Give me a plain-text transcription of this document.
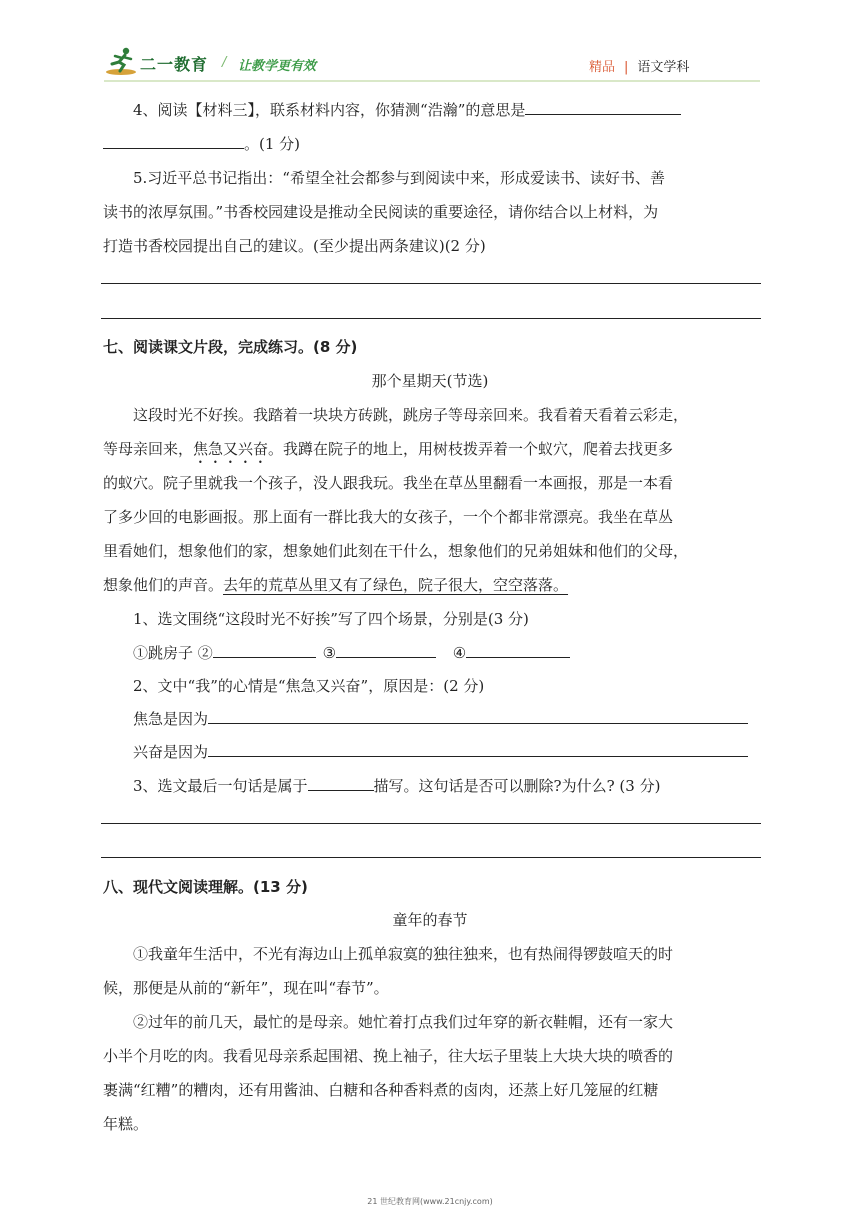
二一教育 / 让教学更有效	精品 | 语文学科
4、阅读【材料三】，联系材料内容，你猜测“浩瀚”的意思是
。(1 分)
5.习近平总书记指出：“希望全社会都参与到阅读中来，形成爱读书、读好书、善
读书的浓厚氛围。”书香校园建设是推动全民阅读的重要途径，请你结合以上材料，为
打造书香校园提出自己的建议。(至少提出两条建议)(2 分)
七、阅读课文片段，完成练习。(8 分)
那个星期天(节选)
这段时光不好挨。我踏着一块块方砖跳，跳房子等母亲回来。我看着天看着云彩走，
等母亲回来，焦急又兴奋。我蹲在院子的地上，用树枝拨弄着一个蚁穴，爬着去找更多
的蚁穴。院子里就我一个孩子，没人跟我玩。我坐在草丛里翻看一本画报，那是一本看
了多少回的电影画报。那上面有一群比我大的女孩子，一个个都非常漂亮。我坐在草丛
里看她们，想象他们的家，想象她们此刻在干什么，想象他们的兄弟姐妹和他们的父母，
想象他们的声音。去年的荒草丛里又有了绿色，院子很大，空空落落。
1、选文围绕“这段时光不好挨”写了四个场景，分别是(3 分)
①跳房子 ②	③	④
2、文中“我”的心情是“焦急又兴奋”，原因是：(2 分)
焦急是因为
兴奋是因为
3、选文最后一句话是属于	描写。这句话是否可以删除?为什么? (3 分)
八、现代文阅读理解。(13 分)
童年的春节
①我童年生活中，不光有海边山上孤单寂寞的独往独来，也有热闹得锣鼓喧天的时
候，那便是从前的“新年”，现在叫“春节”。
②过年的前几天，最忙的是母亲。她忙着打点我们过年穿的新衣鞋帽，还有一家大
小半个月吃的肉。我看见母亲系起围裙、挽上袖子，往大坛子里装上大块大块的喷香的
裹满“红糟”的糟肉，还有用酱油、白糖和各种香料煮的卤肉，还蒸上好几笼屉的红糖
年糕。
21 世纪教育网(www.21cnjy.com)
